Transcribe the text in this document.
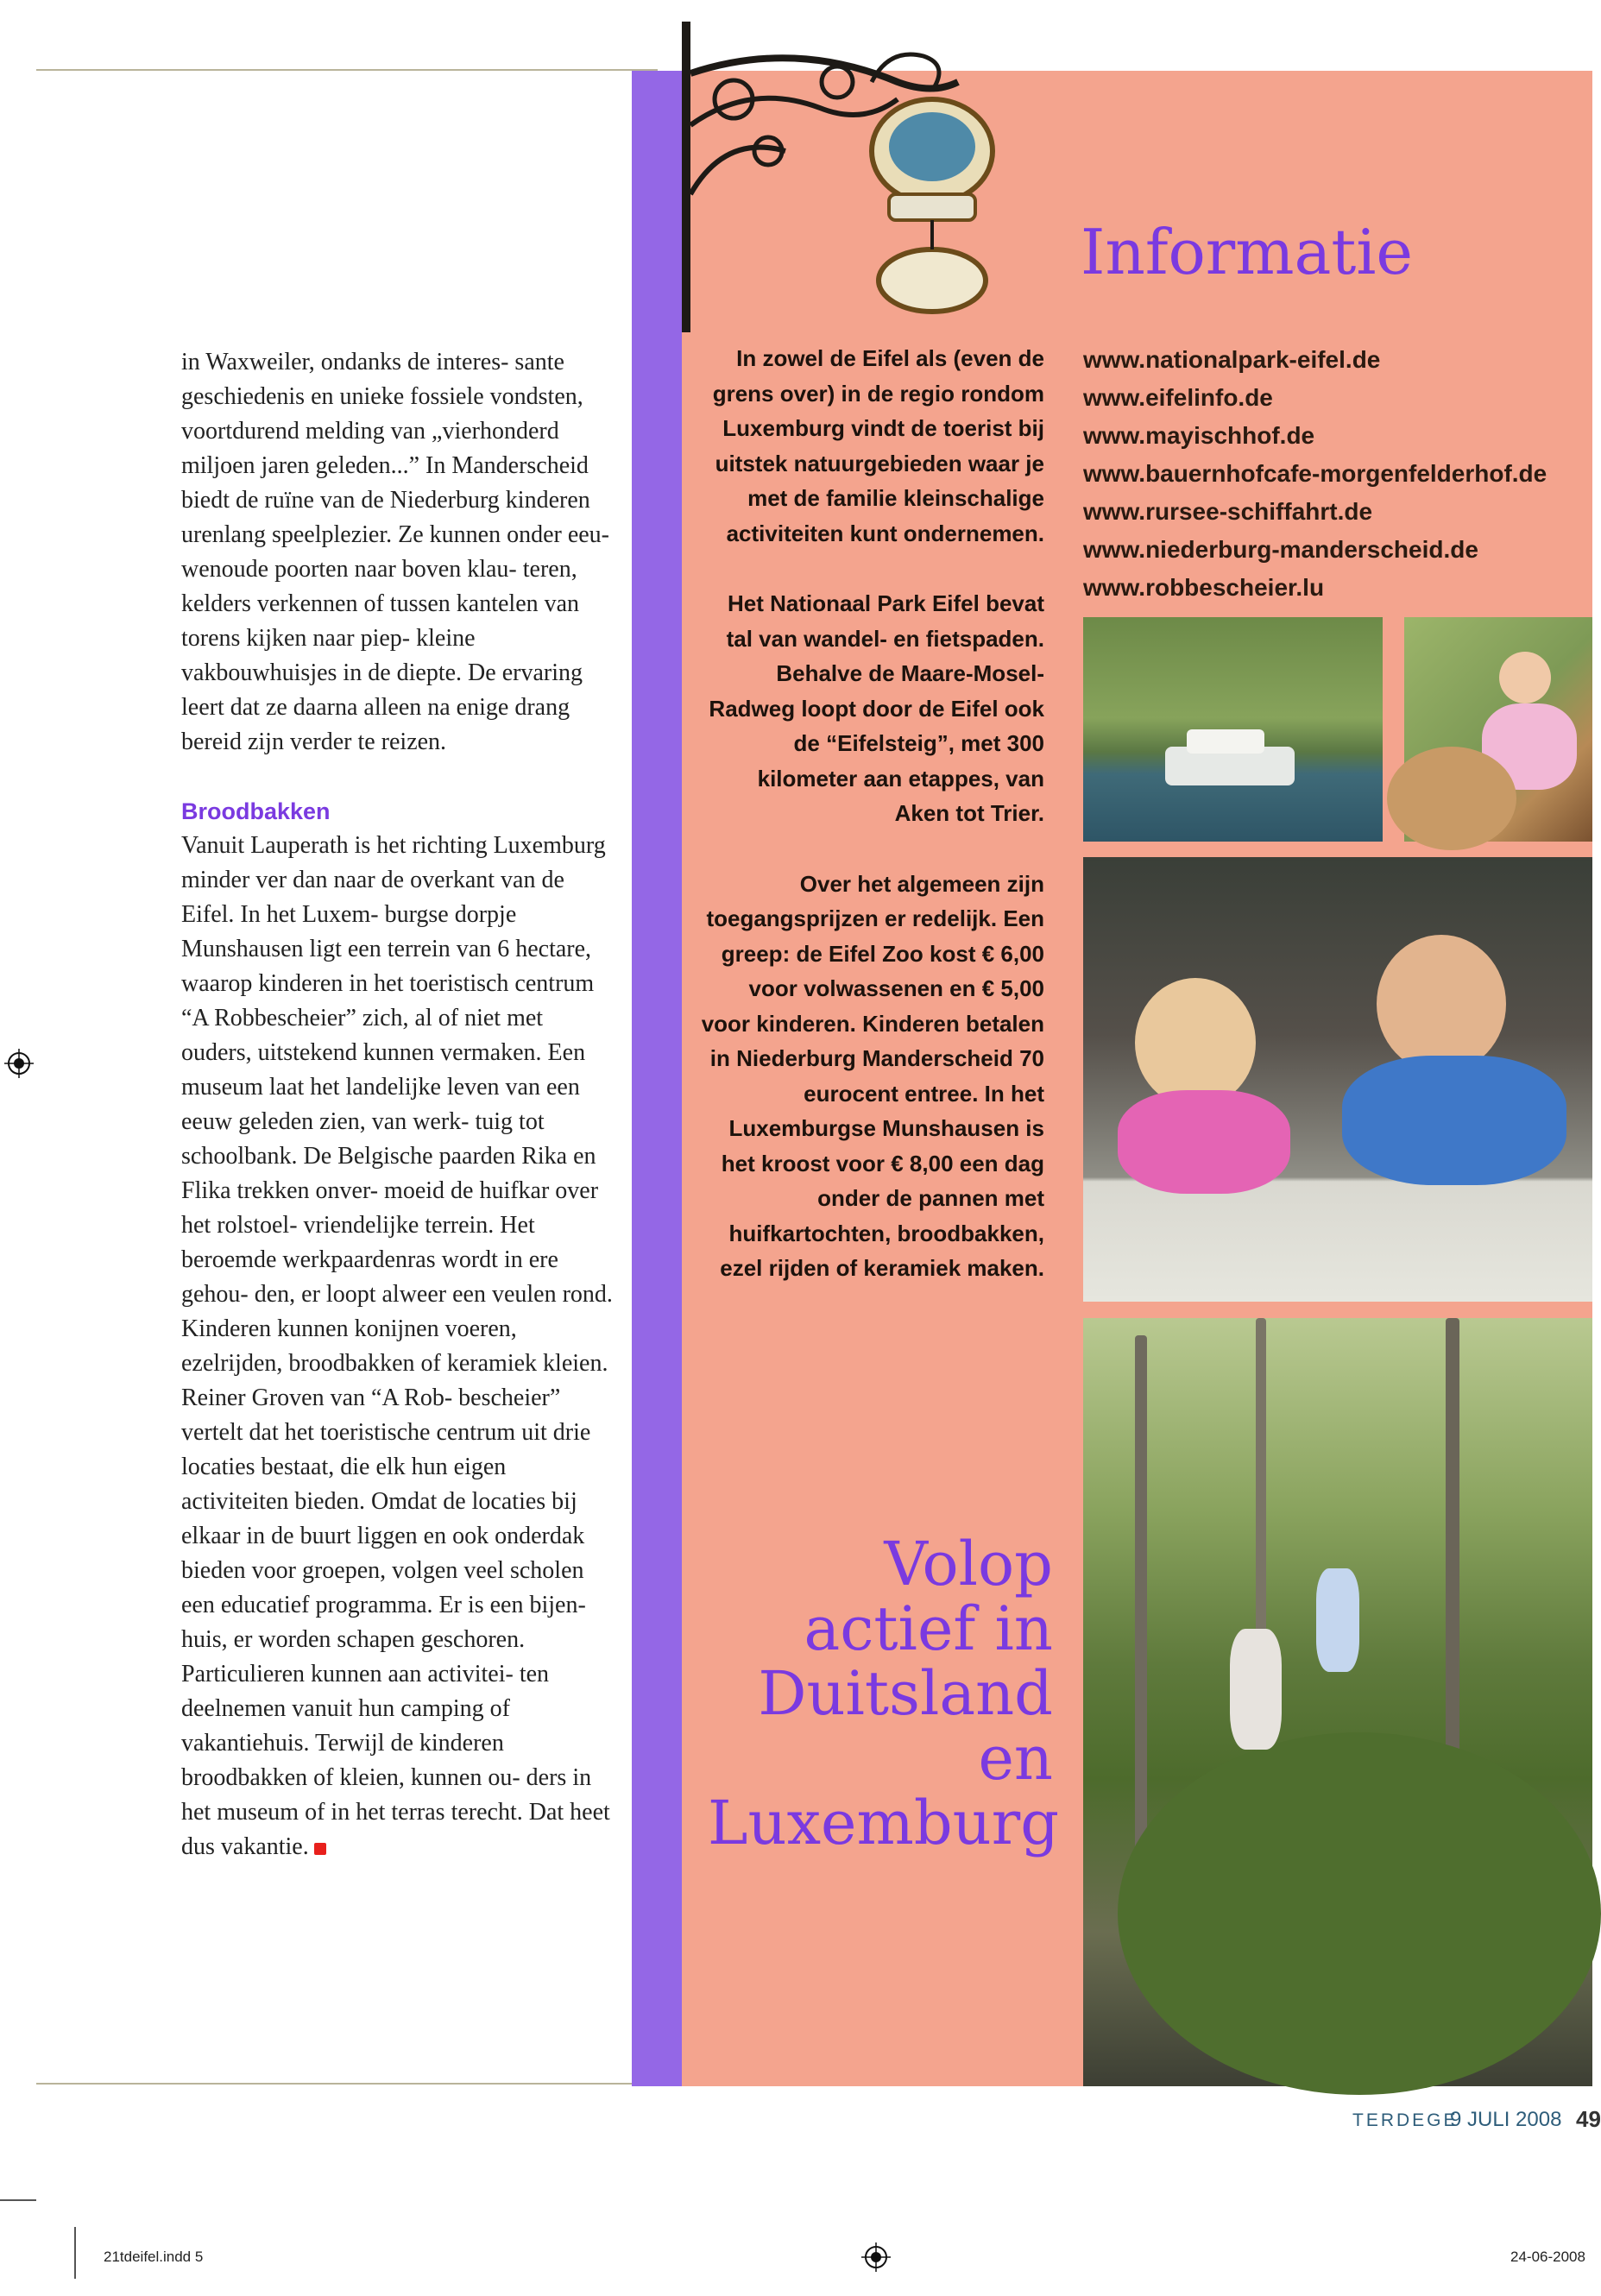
in Waxweiler, ondanks de interes- sante geschiedenis en unieke fossiele vondsten, voortdurend melding van „vierhonderd miljoen jaren geleden...” In Manderscheid biedt de ruïne van de Niederburg kinderen urenlang speelplezier. Ze kunnen onder eeu- wenoude poorten naar boven klau- teren, kelders verkennen of tussen kantelen van torens kijken naar piep- kleine vakbouwhuisjes in de diepte. De ervaring leert dat ze daarna alleen na enige drang bereid zijn verder te reizen.

Broodbakken

Vanuit Lauperath is het richting Luxemburg minder ver dan naar de overkant van de Eifel. In het Luxem- burgse dorpje Munshausen ligt een terrein van 6 hectare, waarop kinderen in het toeristisch centrum “A Robbescheier” zich, al of niet met ouders, uitstekend kunnen vermaken. Een museum laat het landelijke leven van een eeuw geleden zien, van werk- tuig tot schoolbank. De Belgische paarden Rika en Flika trekken onver- moeid de huifkar over het rolstoel- vriendelijke terrein. Het beroemde werkpaardenras wordt in ere gehou- den, er loopt alweer een veulen rond. Kinderen kunnen konijnen voeren, ezelrijden, broodbakken of keramiek kleien. Reiner Groven van “A Rob- bescheier” vertelt dat het toeristische centrum uit drie locaties bestaat, die elk hun eigen activiteiten bieden. Omdat de locaties bij elkaar in de buurt liggen en ook onderdak bieden voor groepen, volgen veel scholen een educatief programma. Er is een bijen- huis, er worden schapen geschoren. Particulieren kunnen aan activitei- ten deelnemen vanuit hun camping of vakantiehuis. Terwijl de kinderen broodbakken of kleien, kunnen ou- ders in het museum of in het terras terecht. Dat heet dus vakantie.

Informatie
www.nationalpark-eifel.de
www.eifelinfo.de
www.mayischhof.de
www.bauernhofcafe-morgenfelderhof.de
www.rursee-schiffahrt.de
www.niederburg-manderscheid.de
www.robbescheier.lu

In zowel de Eifel als (even de grens over) in de regio rondom Luxemburg vindt de toerist bij uitstek natuurgebieden waar je met de familie kleinschalige activiteiten kunt ondernemen.

Het Nationaal Park Eifel bevat tal van wandel- en fietspaden. Behalve de Maare-Mosel-Radweg loopt door de Eifel ook de “Eifelsteig”, met 300 kilometer aan etappes, van Aken tot Trier.

Over het algemeen zijn toegangsprijzen er redelijk. Een greep: de Eifel Zoo kost € 6,00 voor volwassenen en € 5,00 voor kinderen. Kinderen betalen in Niederburg Manderscheid 70 eurocent entree. In het Luxemburgse Munshausen is het kroost voor € 8,00 een dag onder de pannen met huifkartochten, broodbakken, ezel rijden of keramiek maken.

Volop actief in Duitsland en Luxemburg
TERDEGE
9 JULI 2008 49
21tdeifel.indd 5	24-06-2008
